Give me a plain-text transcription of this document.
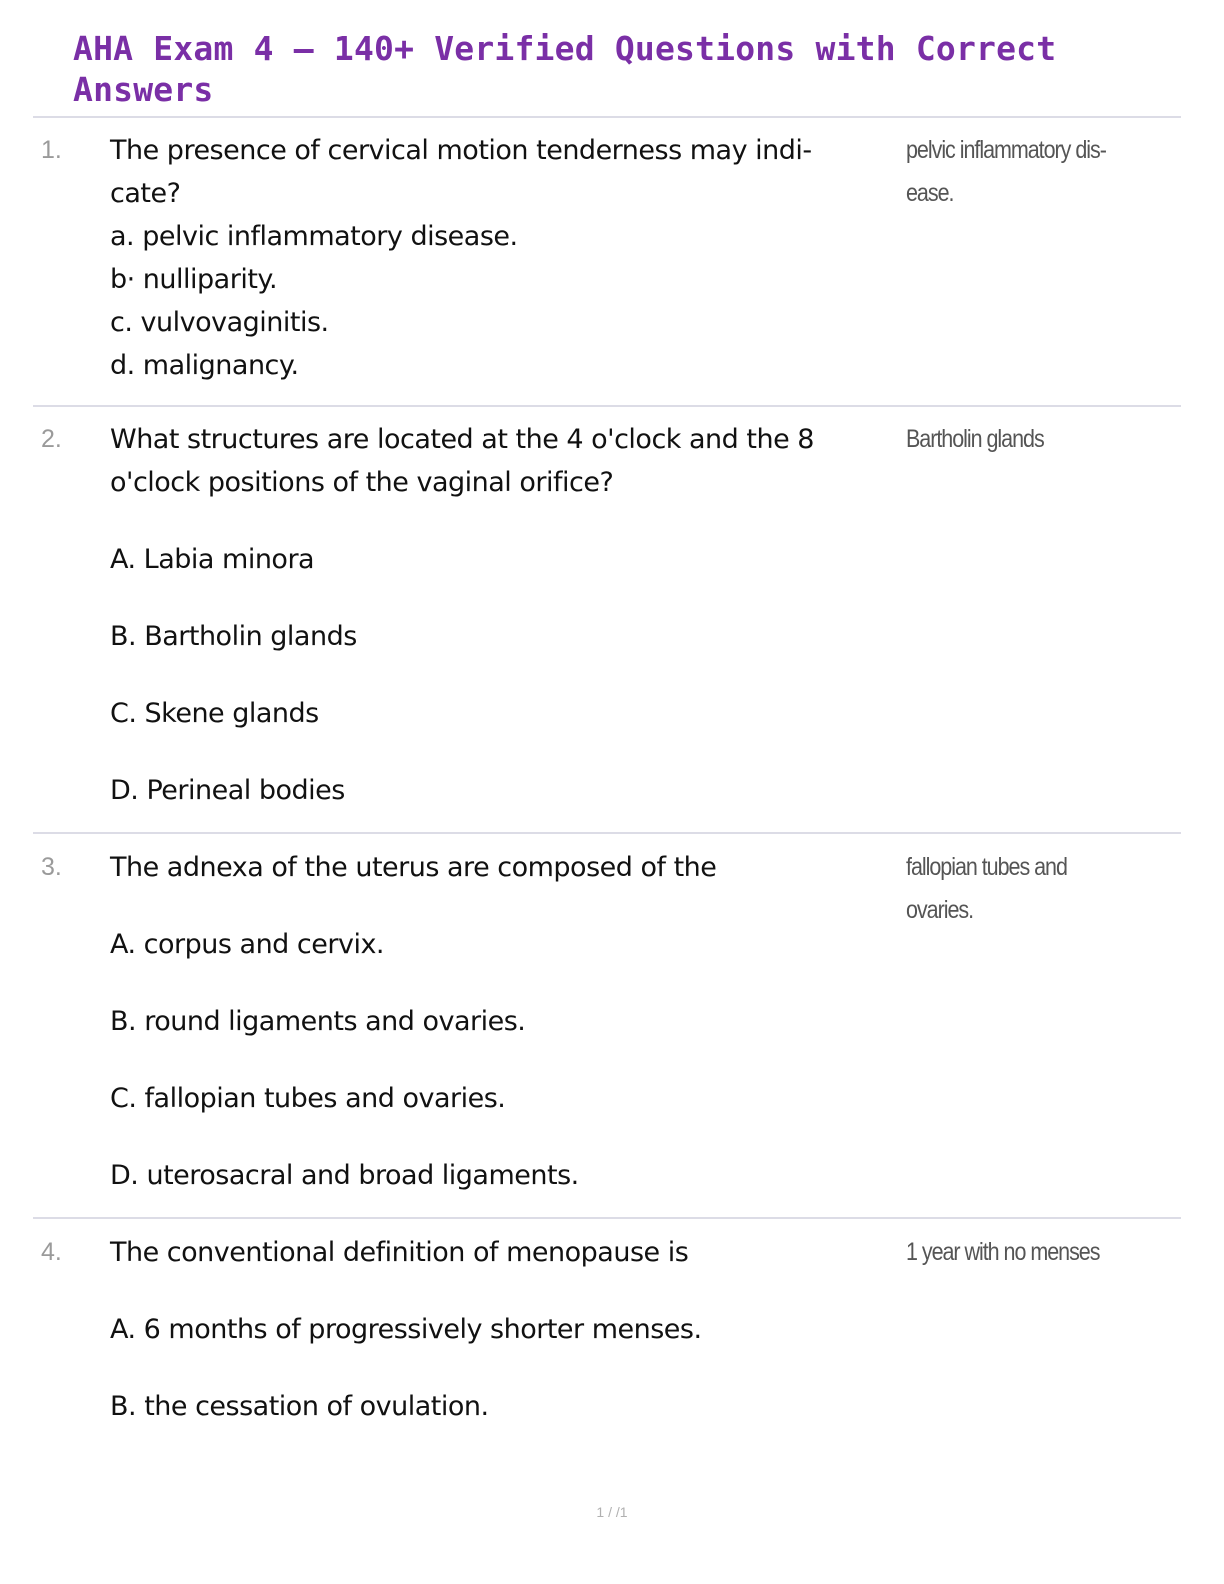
AHA Exam 4 – 140+ Verified Questions with Correct
Answers
1. The presence of cervical motion tenderness may indi-
cate?
a. pelvic inflammatory disease.
b· nulliparity.
c. vulvovaginitis.
d. malignancy.
pelvic inflammatory dis-
ease.
2. What structures are located at the 4 o'clock and the 8
o'clock positions of the vaginal orifice?
A. Labia minora
B. Bartholin glands
C. Skene glands
D. Perineal bodies
Bartholin glands
3. The adnexa of the uterus are composed of the
A. corpus and cervix.
B. round ligaments and ovaries.
C. fallopian tubes and ovaries.
D. uterosacral and broad ligaments.
fallopian tubes and
ovaries.
4. The conventional definition of menopause is
A. 6 months of progressively shorter menses.
B. the cessation of ovulation.
1 year with no menses
1 / /1
